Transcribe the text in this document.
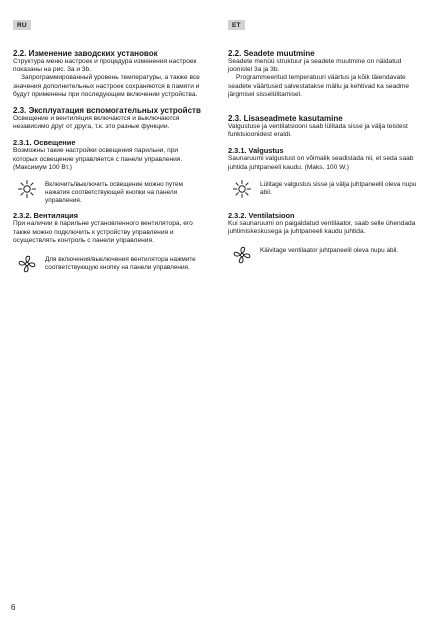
RU

2.2. Изменение заводских установок

Структура меню настроек и процедура изменения настроек показаны на рис. 3а и 3b.

Запрограммированный уровень температуры, а также все значения дополнительных настроек сохраняются в памяти и будут применены при последующем включении устройства.

2.3. Эксплуатация вспомогательных устройств

Освещение и вентиляция включаются и выключаются независимо друг от друга, т.к. это разные функции.

2.3.1. Освещение

Возможны такие настройки освещения парильни, при которых освещение управляется с панели управления. (Максимум 100 Вт.)

Включить/выключить освещение можно путем нажатия соответствующей кнопки на панели управления.

2.3.2. Вентиляция

При наличии в парильне установленного вентилятора, его также можно подключить к устройству управления и осуществлять контроль с панели управления.

Для включения/выключения вентилятора нажмите соответствующую кнопку на панели управления.
ET

2.2. Seadete muutmine

Seadete menüü struktuur ja seadete muutmine on näidatud joonistel 3a ja 3b.

Programmeeritud temperatuuri väärtus ja kõik täiendavate seadete väärtused salvestatakse mällu ja kehtivad ka seadme järgmisel sisselülitamisel.

2.3. Lisaseadmete kasutamine

Valgustuse ja ventilatsiooni saab lülitada sisse ja välja teistest funktsioonidest eraldi.

2.3.1. Valgustus

Saunaruumi valgustust on võimalik seadistada nii, et seda saab juhtida juhtpaneeli kaudu. (Maks. 100 W.)

Lülitage valgustus sisse ja välja juhtpaneelil oleva nupu abil.

2.3.2. Ventilatsioon

Kui saunaruumi on paigaldatud ventilaator, saab selle ühendada juhtimiskeskusega ja juhtpaneeli kaudu juhtida.

Käivitage ventilaator juhtpaneelil oleva nupu abil.
6
